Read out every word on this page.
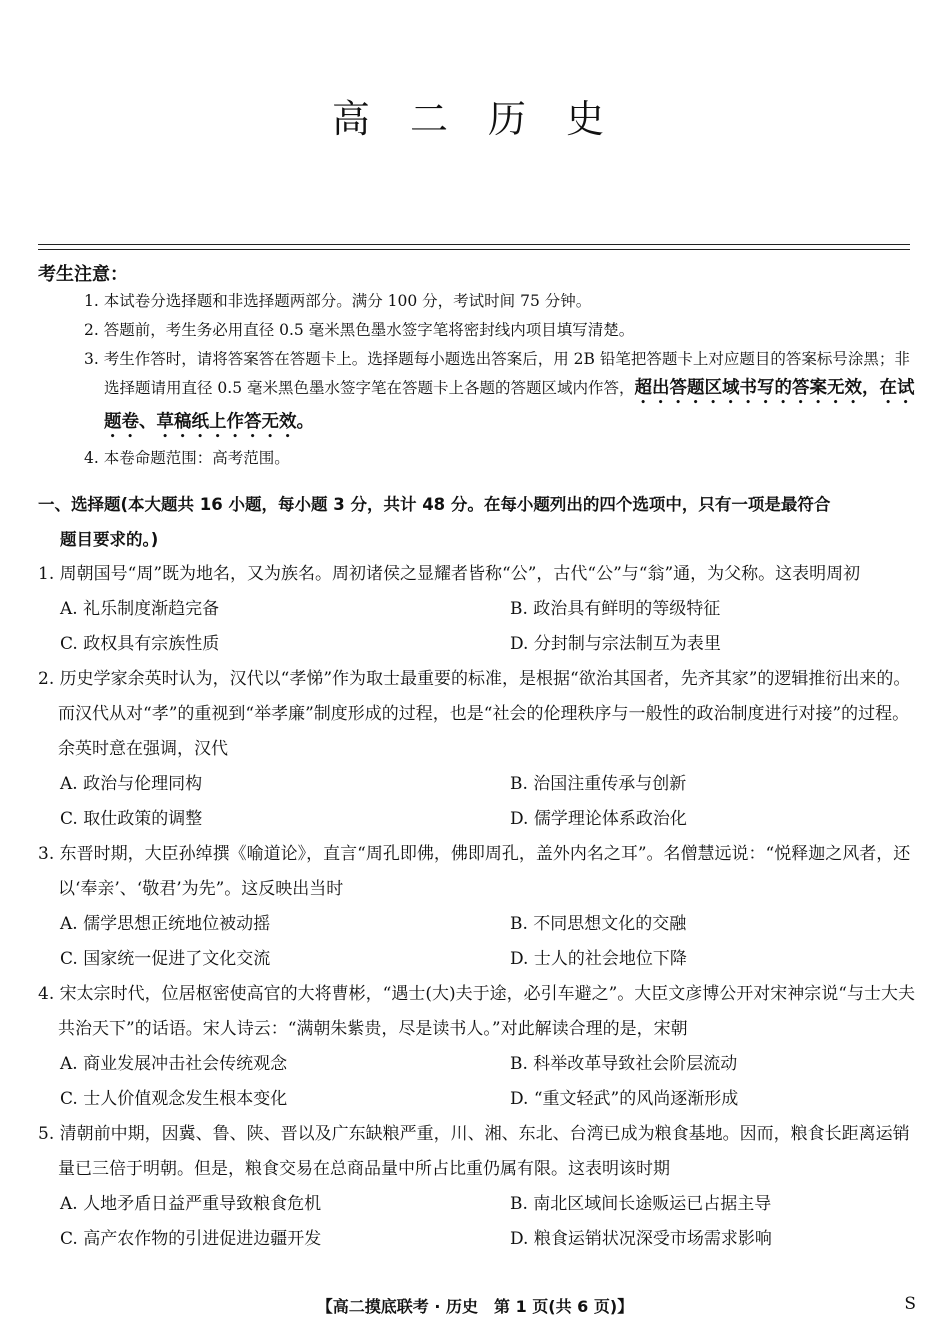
高 二 历 史
考生注意：

1. 本试卷分选择题和非选择题两部分。满分 100 分，考试时间 75 分钟。

2. 答题前，考生务必用直径 0.5 毫米黑色墨水签字笔将密封线内项目填写清楚。

3. 考生作答时，请将答案答在答题卡上。选择题每小题选出答案后，用 2B 铅笔把答题卡上对应题目的答案标号涂黑；非选择题请用直径 0.5 毫米黑色墨水签字笔在答题卡上各题的答题区域内作答，超出答题区域书写的答案无效，在试题卷、草稿纸上作答无效。

4. 本卷命题范围：高考范围。

一、选择题(本大题共 16 小题，每小题 3 分，共计 48 分。在每小题列出的四个选项中，只有一项是最符合
题目要求的。)
1. 周朝国号“周”既为地名，又为族名。周初诸侯之显耀者皆称“公”，古代“公”与“翁”通，为父称。这表明周初
A. 礼乐制度渐趋完备	B. 政治具有鲜明的等级特征
C. 政权具有宗族性质	D. 分封制与宗法制互为表里
2. 历史学家余英时认为，汉代以“孝悌”作为取士最重要的标准，是根据“欲治其国者，先齐其家”的逻辑推衍出来的。而汉代从对“孝”的重视到“举孝廉”制度形成的过程，也是“社会的伦理秩序与一般性的政治制度进行对接”的过程。余英时意在强调，汉代
A. 政治与伦理同构	B. 治国注重传承与创新
C. 取仕政策的调整	D. 儒学理论体系政治化
3. 东晋时期，大臣孙绰撰《喻道论》，直言“周孔即佛，佛即周孔，盖外内名之耳”。名僧慧远说：“悦释迦之风者，还以‘奉亲’、‘敬君’为先”。这反映出当时
A. 儒学思想正统地位被动摇	B. 不同思想文化的交融
C. 国家统一促进了文化交流	D. 士人的社会地位下降
4. 宋太宗时代，位居枢密使高官的大将曹彬，“遇士(大)夫于途，必引车避之”。大臣文彦博公开对宋神宗说“与士大夫共治天下”的话语。宋人诗云：“满朝朱紫贵，尽是读书人。”对此解读合理的是，宋朝
A. 商业发展冲击社会传统观念	B. 科举改革导致社会阶层流动
C. 士人价值观念发生根本变化	D. “重文轻武”的风尚逐渐形成
5. 清朝前中期，因冀、鲁、陕、晋以及广东缺粮严重，川、湘、东北、台湾已成为粮食基地。因而，粮食长距离运销量已三倍于明朝。但是，粮食交易在总商品量中所占比重仍属有限。这表明该时期
A. 人地矛盾日益严重导致粮食危机	B. 南北区域间长途贩运已占据主导
C. 高产农作物的引进促进边疆开发	D. 粮食运销状况深受市场需求影响
【高二摸底联考 · 历史　第 1 页(共 6 页)】	S
